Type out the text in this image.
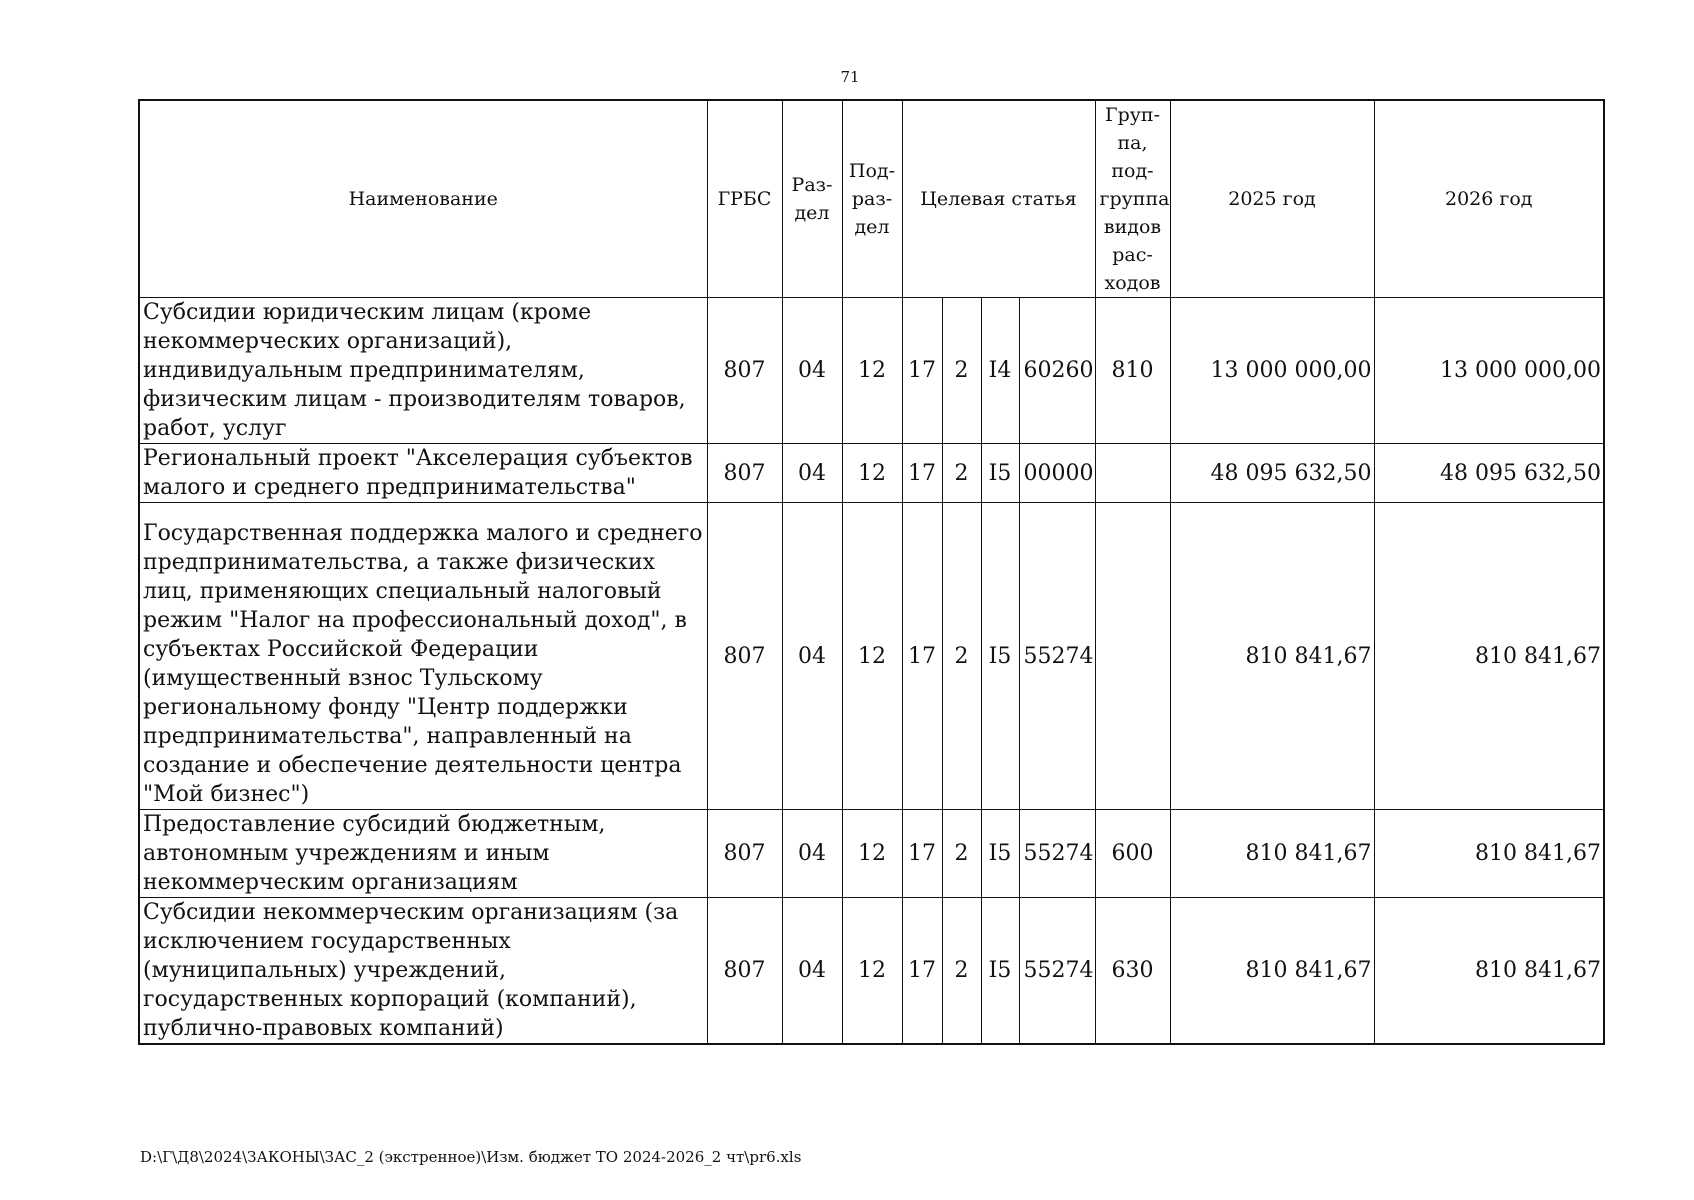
71
Наименование	ГРБС	Раз-дел	Под-раз-дел	Целевая статья				Груп-па, под-группа видов рас-ходов	2025 год	2026 год
Субсидии юридическим лицам (кроме некоммерческих организаций), индивидуальным предпринимателям, физическим лицам - производителям товаров, работ, услуг	807	04	12	17	2	I4	60260	810	13 000 000,00	13 000 000,00
Региональный проект "Акселерация субъектов малого и среднего предпринимательства"	807	04	12	17	2	I5	00000		48 095 632,50	48 095 632,50
Государственная поддержка малого и среднего предпринимательства, а также физических лиц, применяющих специальный налоговый режим "Налог на профессиональный доход", в субъектах Российской Федерации (имущественный взнос Тульскому региональному фонду "Центр поддержки предпринимательства", направленный на создание и обеспечение деятельности центра "Мой бизнес")	807	04	12	17	2	I5	55274		810 841,67	810 841,67
Предоставление субсидий бюджетным, автономным учреждениям и иным некоммерческим организациям	807	04	12	17	2	I5	55274	600	810 841,67	810 841,67
Субсидии некоммерческим организациям (за исключением государственных (муниципальных) учреждений, государственных корпораций (компаний), публично-правовых компаний)	807	04	12	17	2	I5	55274	630	810 841,67	810 841,67
D:\Г\Д8\2024\ЗАКОНЫ\ЗАС_2 (экстренное)\Изм. бюджет ТО 2024-2026_2 чт\pr6.xls
